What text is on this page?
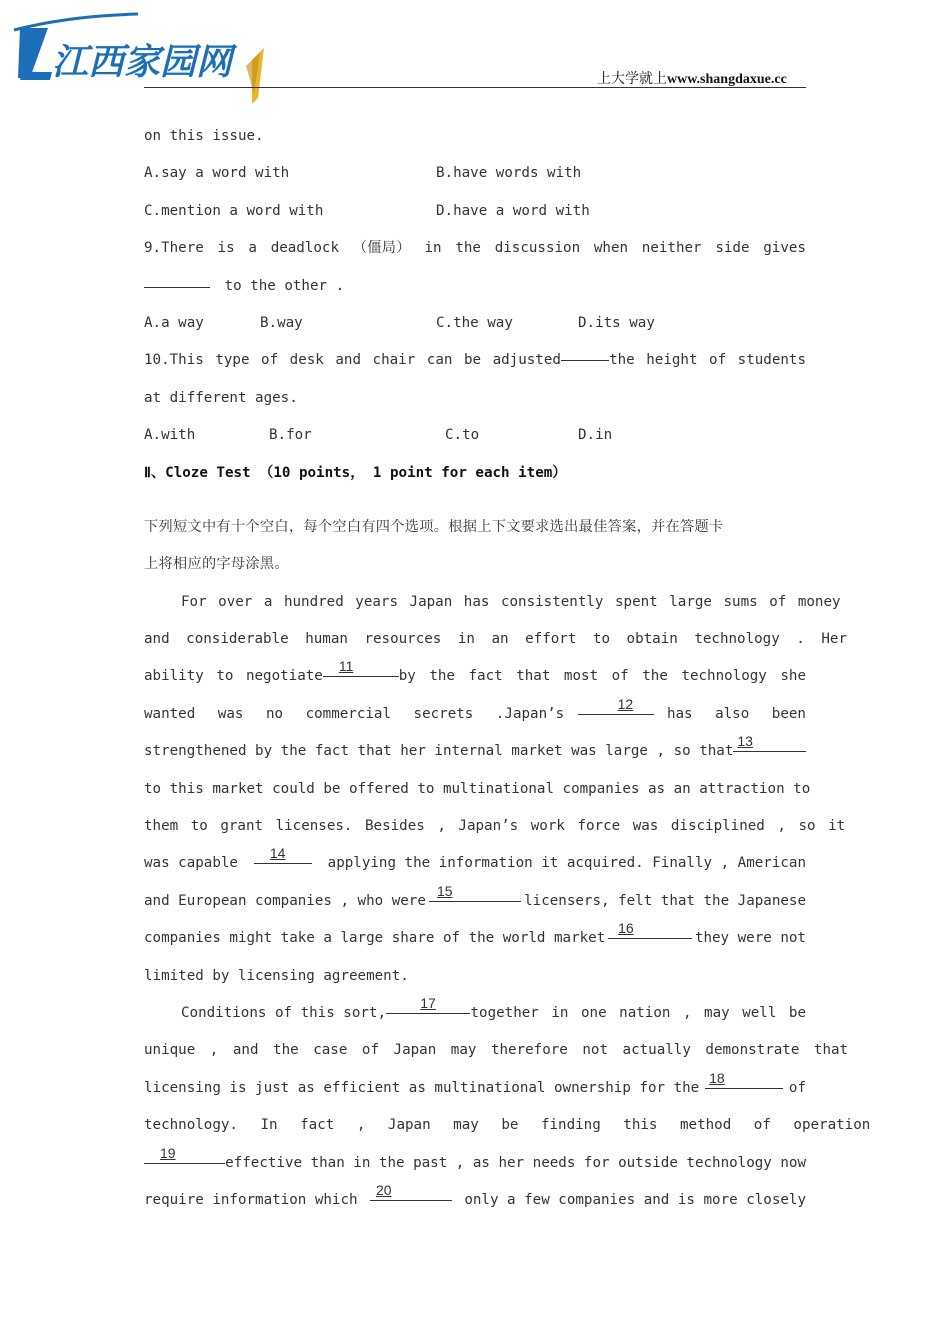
江西家园网	上大学就上www.shangdaxue.cc
on this issue.
A.say a word with	B.have words with
C.mention a word with	D.have a word with
9.There is a deadlock （僵局） in the discussion when neither side gives
to the other .
A.a way	B.way	C.the way	D.its way
10.This type of desk and chair can be adjusted	the height of students
at different ages.
A.with	B.for	C.to	D.in
Ⅱ、Cloze Test （10 points， 1 point for each item）
下列短文中有十个空白，每个空白有四个选项。根据上下文要求选出最佳答案，并在答题卡
上将相应的字母涂黑。
For over a hundred years Japan has consistently spent large sums of money
and considerable human resources in an effort to obtain technology . Her
ability to negotiate
11
by the fact that most of the technology she
wanted was no commercial secrets .Japan’s
12
has also been
strengthened by the fact that her internal market was large , so that
13
to this market could be offered to multinational companies as an attraction to
them to grant licenses. Besides , Japan’s work force was disciplined , so it
was capable
14
applying the information it acquired. Finally , American
and European companies , who were
15
licensers, felt that the Japanese
companies might take a large share of the world market
16
they were not
limited by licensing agreement.
Conditions of this sort,
17
together in one nation , may well be
unique , and the case of Japan may therefore not actually demonstrate that
licensing is just as efficient as multinational ownership for the
18
of
technology. In fact , Japan may be finding this method of operation
19
effective than in the past , as her needs for outside technology now
require information which
20
only a few companies and is more closely
